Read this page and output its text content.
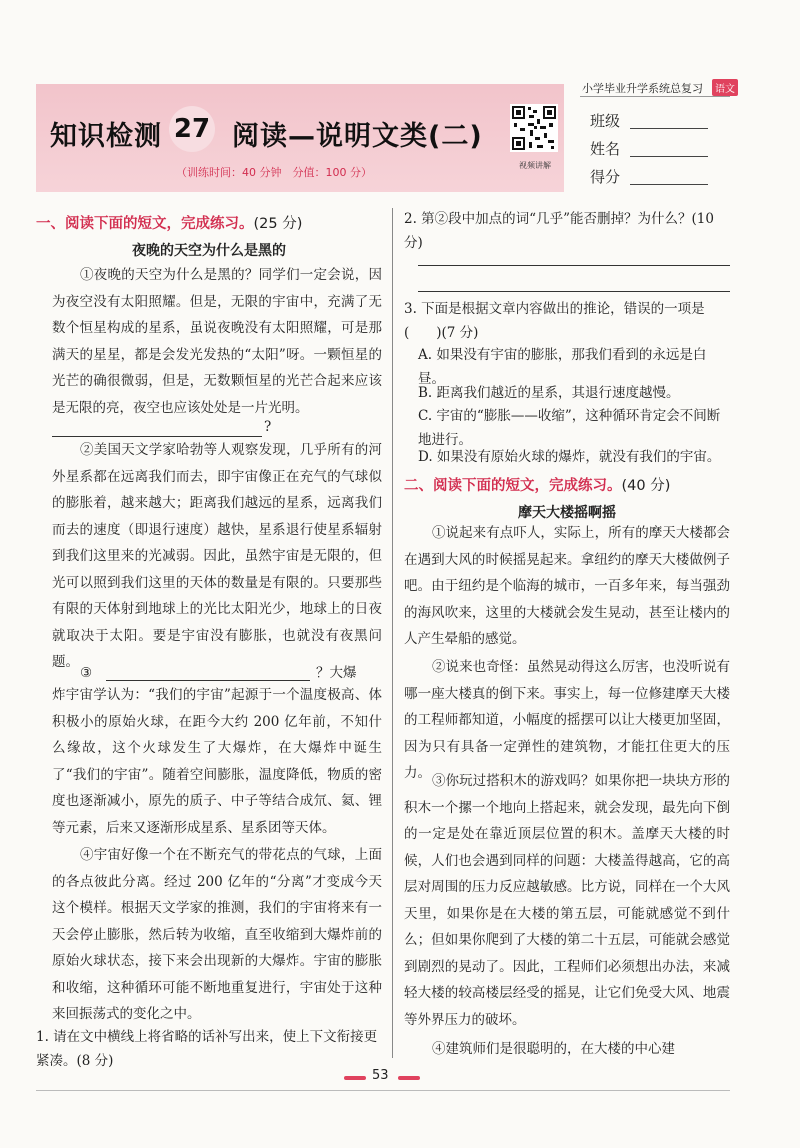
知识检测 27 阅读—说明文类(二)
（训练时间：40 分钟　分值：100 分）
视频讲解
小学毕业升学系统总复习	语文
班级
姓名
得分
一、阅读下面的短文，完成练习。(25 分)
夜晚的天空为什么是黑的
①夜晚的天空为什么是黑的？同学们一定会说，因为夜空没有太阳照耀。但是，无限的宇宙中，充满了无数个恒星构成的星系，虽说夜晚没有太阳照耀，可是那满天的星星，都是会发光发热的“太阳”呀。一颗恒星的光芒的确很微弱，但是，无数颗恒星的光芒合起来应该是无限的亮，夜空也应该处处是一片光明。
?
②美国天文学家哈勃等人观察发现，几乎所有的河外星系都在远离我们而去，即宇宙像正在充气的气球似的膨胀着，越来越大；距离我们越远的星系，远离我们而去的速度（即退行速度）越快，星系退行使星系辐射到我们这里来的光减弱。因此，虽然宇宙是无限的，但光可以照到我们这里的天体的数量是有限的。只要那些有限的天体射到地球上的光比太阳光少，地球上的日夜就取决于太阳。要是宇宙没有膨胀，也就没有夜黑问题。
③	？大爆
炸宇宙学认为：“我们的宇宙”起源于一个温度极高、体积极小的原始火球，在距今大约 200 亿年前，不知什么缘故，这个火球发生了大爆炸，在大爆炸中诞生了“我们的宇宙”。随着空间膨胀，温度降低，物质的密度也逐渐减小，原先的质子、中子等结合成氘、氦、锂等元素，后来又逐渐形成星系、星系团等天体。
④宇宙好像一个在不断充气的带花点的气球，上面的各点彼此分离。经过 200 亿年的“分离”才变成今天这个模样。根据天文学家的推测，我们的宇宙将来有一天会停止膨胀，然后转为收缩，直至收缩到大爆炸前的原始火球状态，接下来会出现新的大爆炸。宇宙的膨胀和收缩，这种循环可能不断地重复进行，宇宙处于这种来回振荡式的变化之中。
1. 请在文中横线上将省略的话补写出来，使上下文衔接更紧凑。(8 分)
2. 第②段中加点的词“几乎”能否删掉？为什么？(10 分)
3. 下面是根据文章内容做出的推论，错误的一项是(　　)(7 分)
A. 如果没有宇宙的膨胀，那我们看到的永远是白昼。
B. 距离我们越近的星系，其退行速度越慢。
C. 宇宙的“膨胀——收缩”，这种循环肯定会不间断地进行。
D. 如果没有原始火球的爆炸，就没有我们的宇宙。
二、阅读下面的短文，完成练习。(40 分)
摩天大楼摇啊摇
①说起来有点吓人，实际上，所有的摩天大楼都会在遇到大风的时候摇晃起来。拿纽约的摩天大楼做例子吧。由于纽约是个临海的城市，一百多年来，每当强劲的海风吹来，这里的大楼就会发生晃动，甚至让楼内的人产生晕船的感觉。
②说来也奇怪：虽然晃动得这么厉害，也没听说有哪一座大楼真的倒下来。事实上，每一位修建摩天大楼的工程师都知道，小幅度的摇摆可以让大楼更加坚固，因为只有具备一定弹性的建筑物，才能扛住更大的压力。 ③你玩过搭积木的游戏吗？如果你把一块块方形的积木一个摞一个地向上搭起来，就会发现，最先向下倒的一定是处在靠近顶层位置的积木。盖摩天大楼的时候，人们也会遇到同样的问题：大楼盖得越高，它的高层对周围的压力反应越敏感。比方说，同样在一个大风天里，如果你是在大楼的第五层，可能就感觉不到什么；但如果你爬到了大楼的第二十五层，可能就会感觉到剧烈的晃动了。因此，工程师们必须想出办法，来减轻大楼的较高楼层经受的摇晃，让它们免受大风、地震等外界压力的破坏。
④建筑师们是很聪明的，在大楼的中心建
53
